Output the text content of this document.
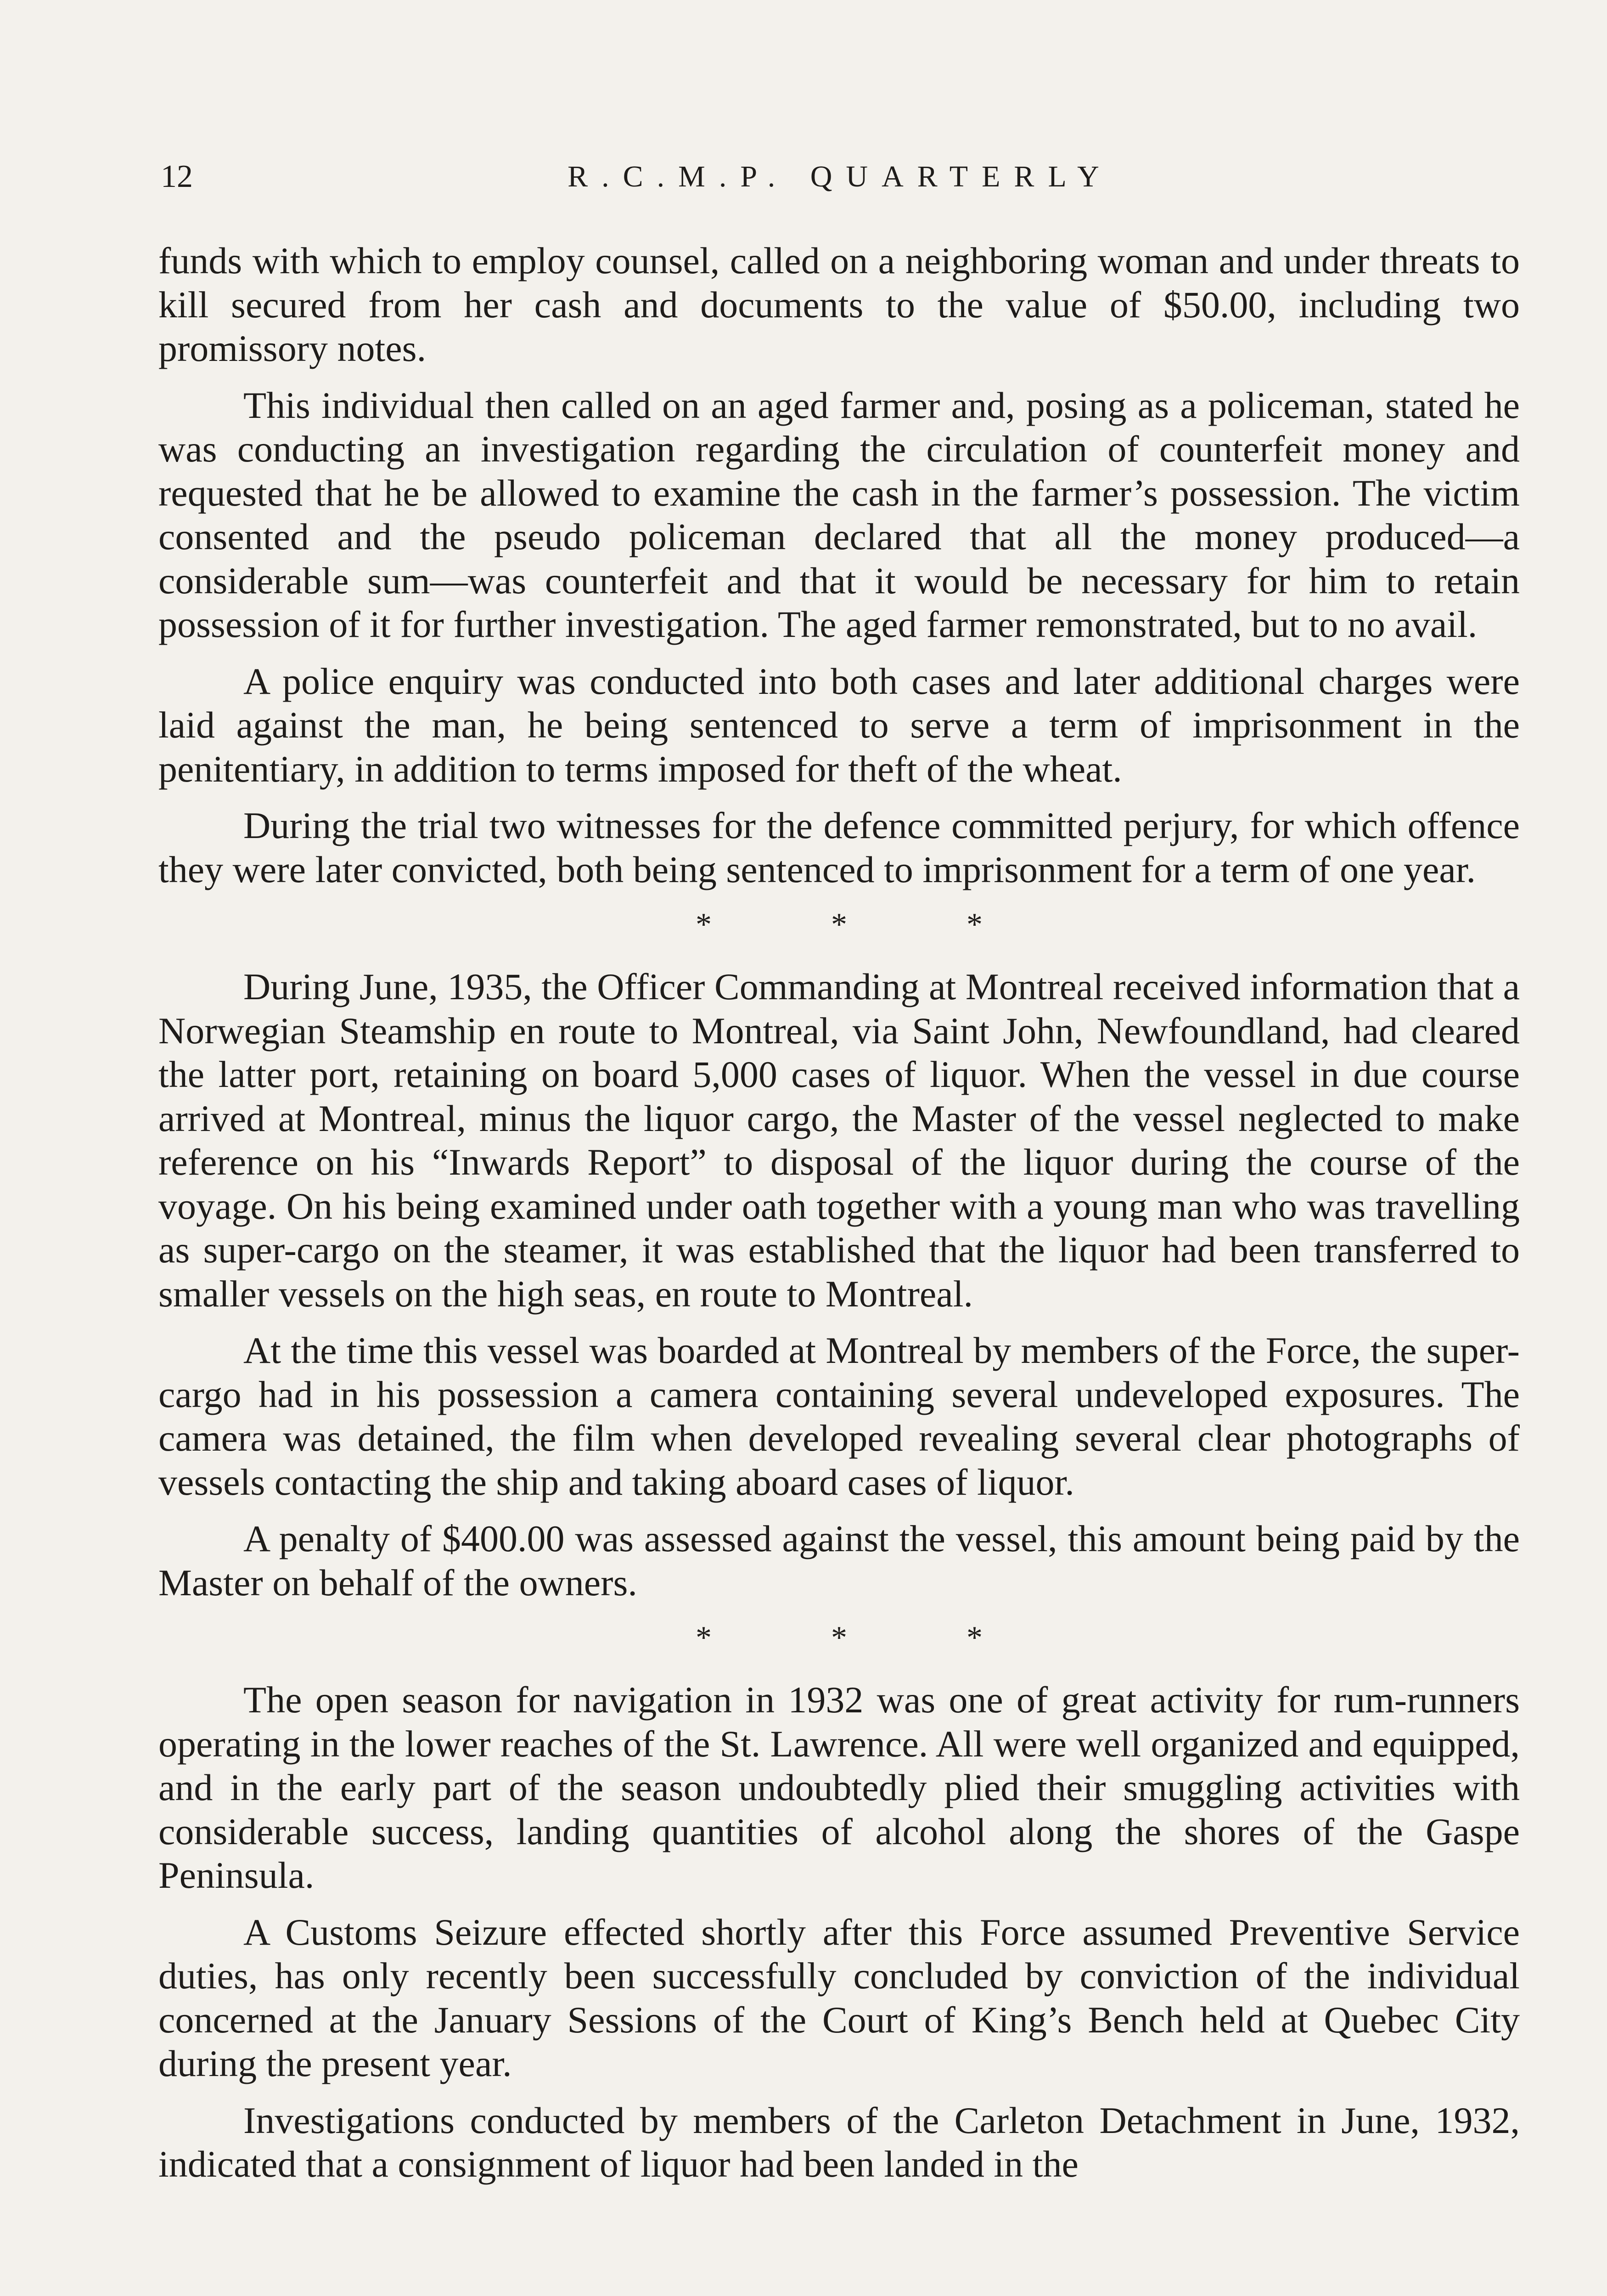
12	R.C.M.P. QUARTERLY

funds with which to employ counsel, called on a neighboring woman and under threats to kill secured from her cash and documents to the value of $50.00, including two promissory notes.

This individual then called on an aged farmer and, posing as a policeman, stated he was conducting an investigation regarding the circulation of counterfeit money and requested that he be allowed to examine the cash in the farmer’s possession. The victim consented and the pseudo policeman declared that all the money produced—a considerable sum—was counterfeit and that it would be necessary for him to retain possession of it for further investigation. The aged farmer remonstrated, but to no avail.

A police enquiry was conducted into both cases and later additional charges were laid against the man, he being sentenced to serve a term of imprisonment in the penitentiary, in addition to terms imposed for theft of the wheat.

During the trial two witnesses for the defence committed perjury, for which offence they were later convicted, both being sentenced to imprisonment for a term of one year.

*	*	*

During June, 1935, the Officer Commanding at Montreal received information that a Norwegian Steamship en route to Montreal, via Saint John, Newfoundland, had cleared the latter port, retaining on board 5,000 cases of liquor. When the vessel in due course arrived at Montreal, minus the liquor cargo, the Master of the vessel neglected to make reference on his “Inwards Report” to disposal of the liquor during the course of the voyage. On his being examined under oath together with a young man who was travelling as super-cargo on the steamer, it was established that the liquor had been transferred to smaller vessels on the high seas, en route to Montreal.

At the time this vessel was boarded at Montreal by members of the Force, the super-cargo had in his possession a camera containing several undeveloped exposures. The camera was detained, the film when developed revealing several clear photographs of vessels contacting the ship and taking aboard cases of liquor.

A penalty of $400.00 was assessed against the vessel, this amount being paid by the Master on behalf of the owners.

*	*	*

The open season for navigation in 1932 was one of great activity for rum-runners operating in the lower reaches of the St. Lawrence. All were well organized and equipped, and in the early part of the season undoubtedly plied their smuggling activities with considerable success, landing quantities of alcohol along the shores of the Gaspe Peninsula.

A Customs Seizure effected shortly after this Force assumed Preventive Service duties, has only recently been successfully concluded by conviction of the individual concerned at the January Sessions of the Court of King’s Bench held at Quebec City during the present year.

Investigations conducted by members of the Carleton Detachment in June, 1932, indicated that a consignment of liquor had been landed in the
